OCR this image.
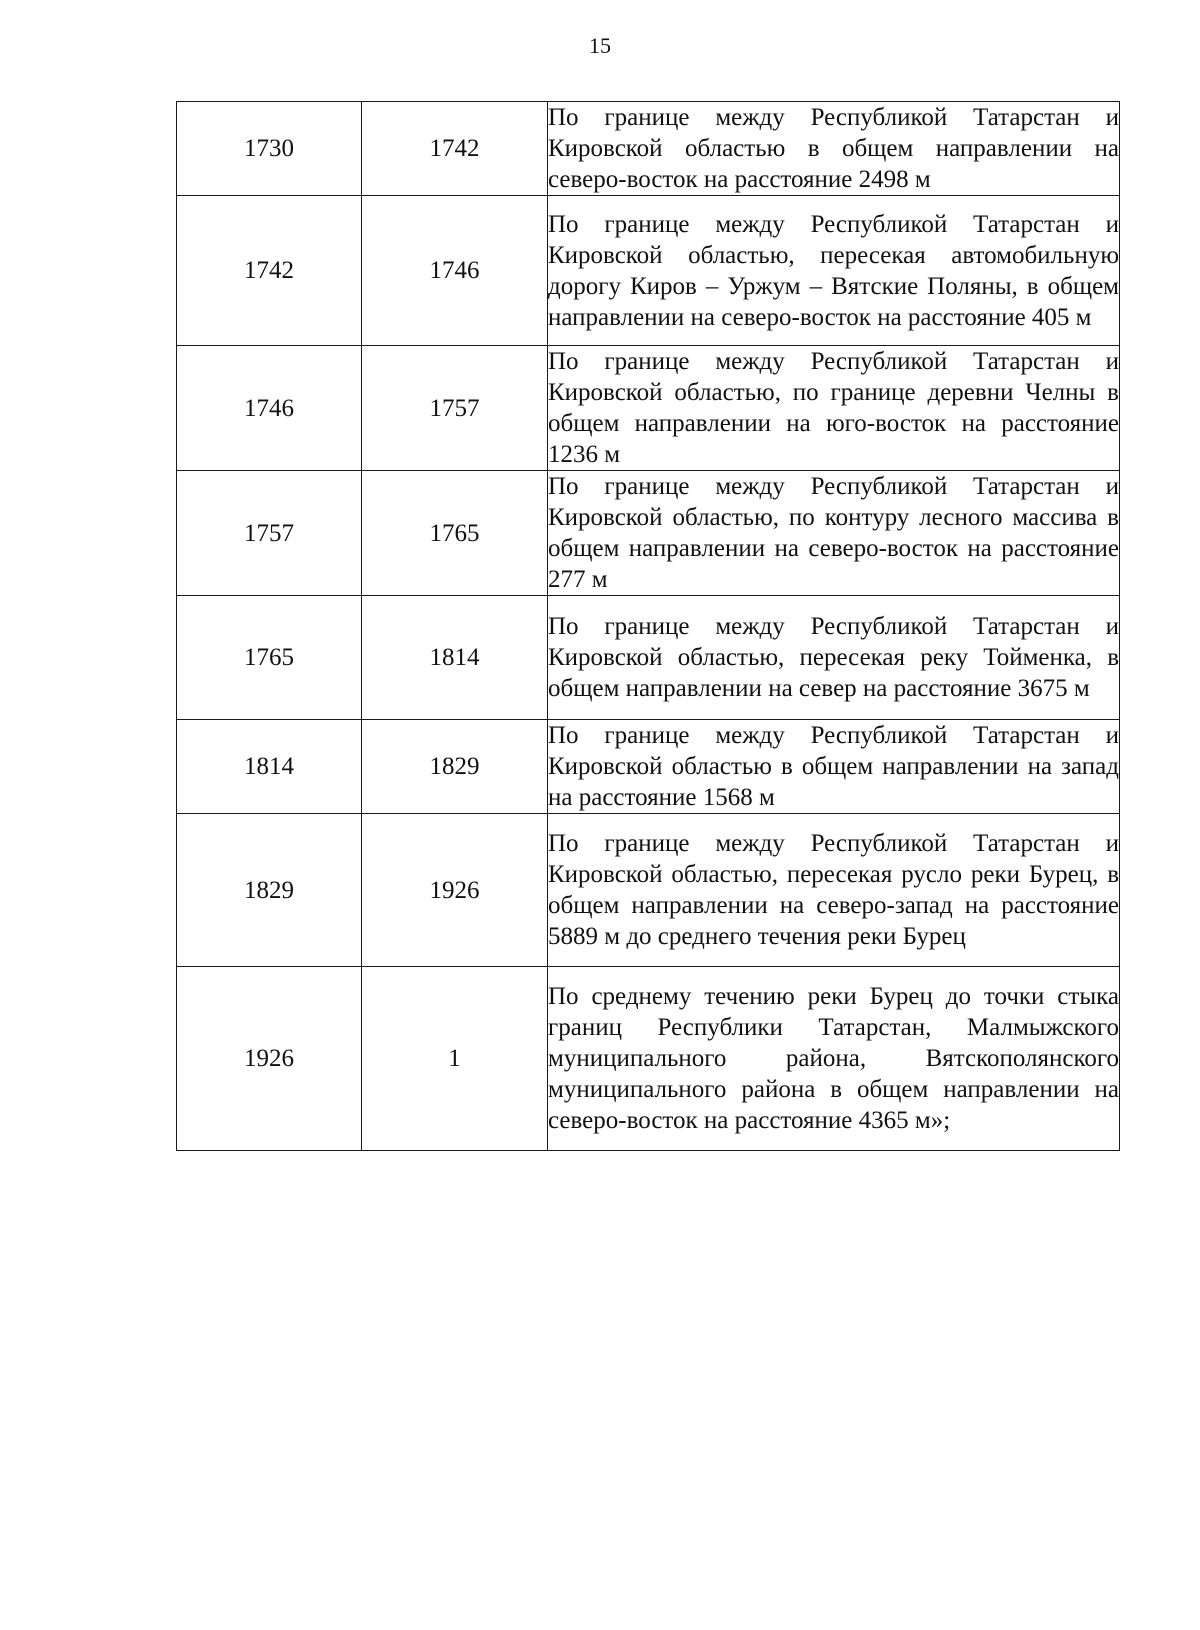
15
1730	1742	По границе между Республикой Татарстан и Кировской областью в общем направлении на северо-восток на расстояние 2498 м
1742	1746	По границе между Республикой Татарстан и Кировской областью, пересекая автомобильную дорогу Киров – Уржум – Вятские Поляны, в общем направлении на северо-восток на расстояние 405 м
1746	1757	По границе между Республикой Татарстан и Кировской областью, по границе деревни Челны в общем направлении на юго-восток на расстояние 1236 м
1757	1765	По границе между Республикой Татарстан и Кировской областью, по контуру лесного массива в общем направлении на северо-восток на расстояние 277 м
1765	1814	По границе между Республикой Татарстан и Кировской областью, пересекая реку Тойменка, в общем направлении на север на расстояние 3675 м
1814	1829	По границе между Республикой Татарстан и Кировской областью в общем направлении на запад на расстояние 1568 м
1829	1926	По границе между Республикой Татарстан и Кировской областью, пересекая русло реки Бурец, в общем направлении на северо-запад на расстояние 5889 м до среднего течения реки Бурец
1926	1	По среднему течению реки Бурец до точки стыка границ Республики Татарстан, Малмыжского муниципального района, Вятскополянского муниципального района в общем направлении на северо-восток на расстояние 4365 м»;
